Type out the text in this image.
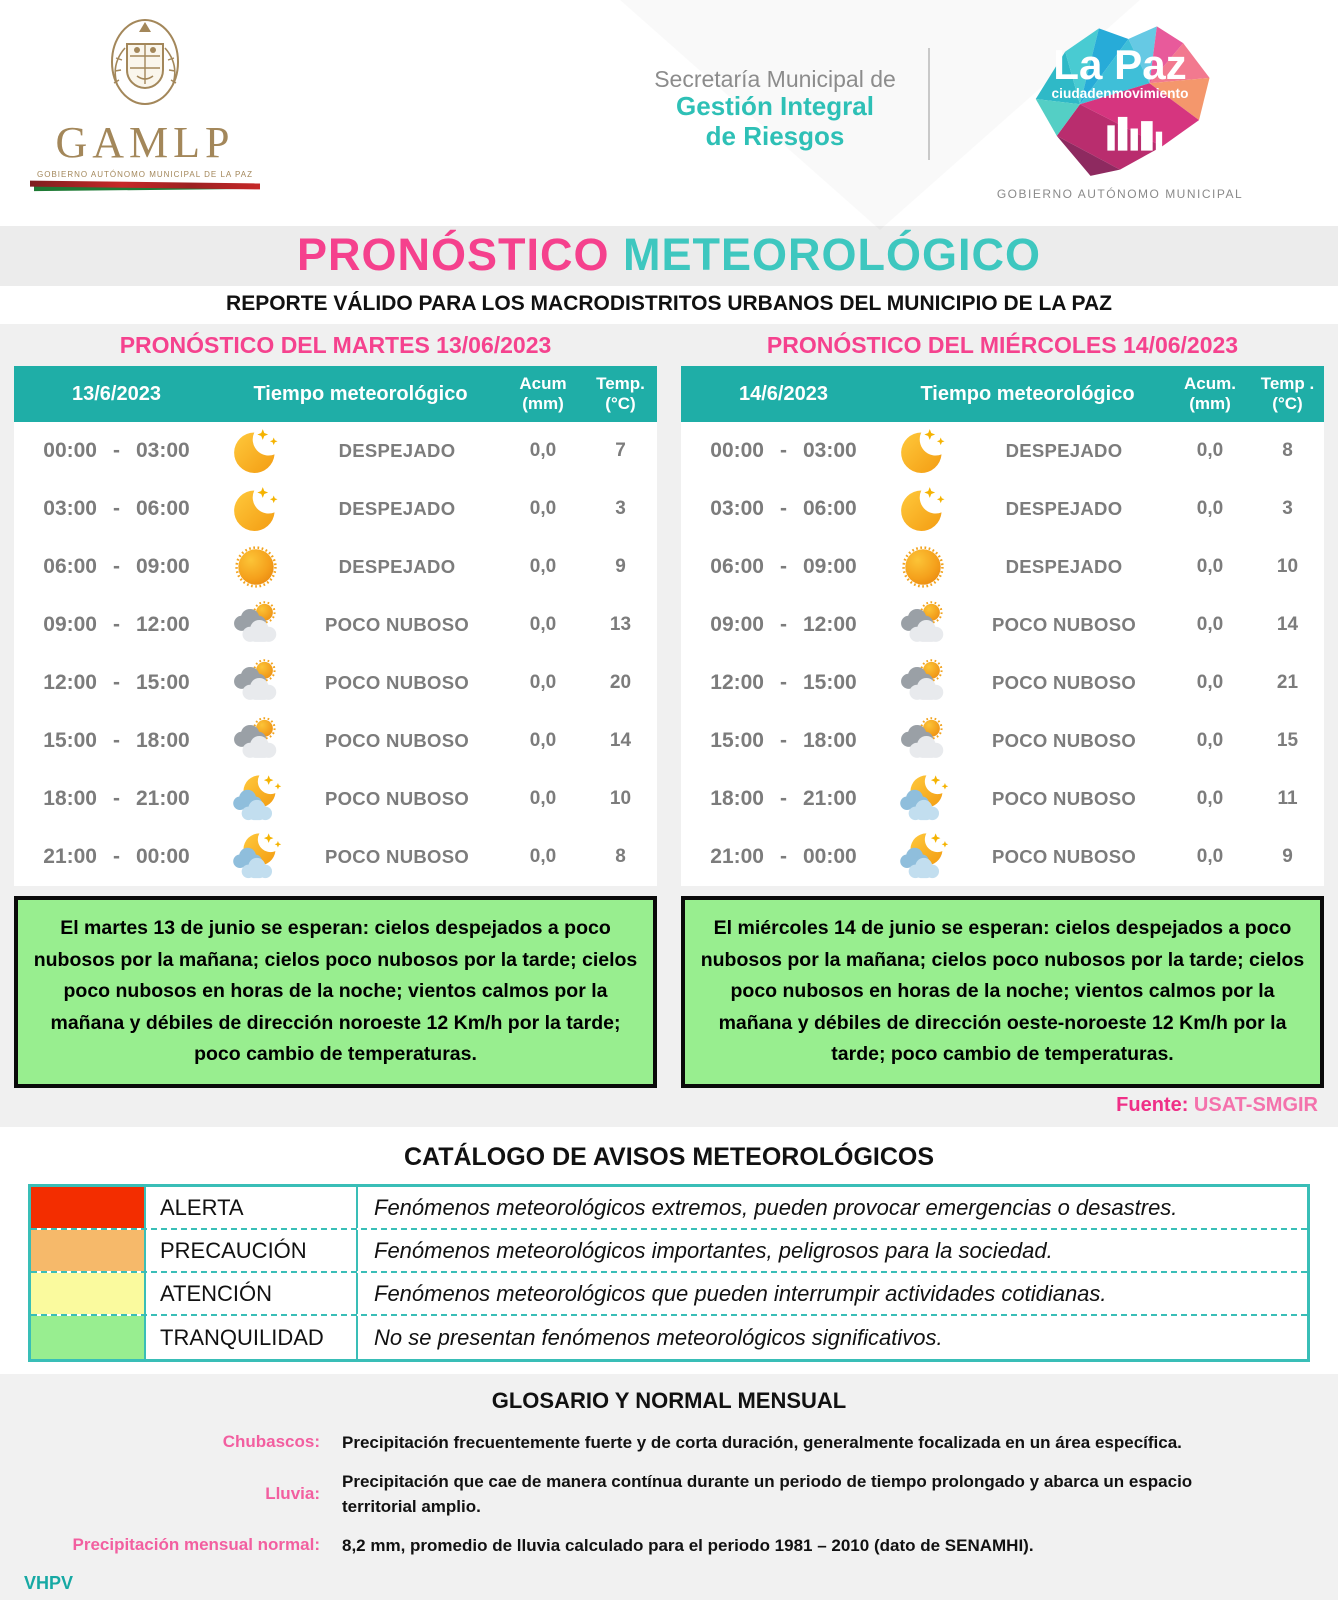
GAMLP
GOBIERNO AUTÓNOMO MUNICIPAL DE LA PAZ
Secretaría Municipal de
Gestión Integral
de Riesgos
La Paz
ciudadenmovimiento
GOBIERNO AUTÓNOMO MUNICIPAL
PRONÓSTICO METEOROLÓGICO
REPORTE VÁLIDO PARA LOS MACRODISTRITOS URBANOS DEL MUNICIPIO DE LA PAZ
PRONÓSTICO DEL MARTES 13/06/2023
13/6/2023	Tiempo meteorológico	Acum
(mm)
Temp.
(°C)
00:00 - 03:00	DESPEJADO	0,0	7
03:00 - 06:00	DESPEJADO	0,0	3
06:00 - 09:00	DESPEJADO	0,0	9
09:00 - 12:00	POCO NUBOSO	0,0	13
12:00 - 15:00	POCO NUBOSO	0,0	20
15:00 - 18:00	POCO NUBOSO	0,0	14
18:00 - 21:00	POCO NUBOSO	0,0	10
21:00 - 00:00	POCO NUBOSO	0,0	8

El martes 13 de junio se esperan: cielos despejados a poco nubosos por la mañana; cielos poco nubosos por la tarde; cielos poco nubosos en horas de la noche; vientos calmos por la mañana y débiles de dirección noroeste 12 Km/h por la tarde; poco cambio de temperaturas.

PRONÓSTICO DEL MIÉRCOLES 14/06/2023
14/6/2023	Tiempo meteorológico	Acum.
(mm)
Temp .
(°C)
00:00 - 03:00	DESPEJADO	0,0	8
03:00 - 06:00	DESPEJADO	0,0	3
06:00 - 09:00	DESPEJADO	0,0	10
09:00 - 12:00	POCO NUBOSO	0,0	14
12:00 - 15:00	POCO NUBOSO	0,0	21
15:00 - 18:00	POCO NUBOSO	0,0	15
18:00 - 21:00	POCO NUBOSO	0,0	11
21:00 - 00:00	POCO NUBOSO	0,0	9

El miércoles 14 de junio se esperan: cielos despejados a poco nubosos por la mañana; cielos poco nubosos por la tarde; cielos poco nubosos en horas de la noche; vientos calmos por la mañana y débiles de dirección oeste-noroeste 12 Km/h por la tarde; poco cambio de temperaturas.

Fuente: USAT-SMGIR
CATÁLOGO DE AVISOS METEOROLÓGICOS
ALERTA	Fenómenos meteorológicos extremos, pueden provocar emergencias o desastres.
PRECAUCIÓN	Fenómenos meteorológicos importantes, peligrosos para la sociedad.
ATENCIÓN	Fenómenos meteorológicos que pueden interrumpir actividades cotidianas.
TRANQUILIDAD	No se presentan fenómenos meteorológicos significativos.
GLOSARIO Y NORMAL MENSUAL
Chubascos: Precipitación frecuentemente fuerte y de corta duración, generalmente focalizada en un área específica.
Lluvia:
Precipitación que cae de manera contínua durante un periodo de tiempo prolongado y abarca un espacio territorial amplio.
Precipitación mensual normal: 8,2 mm, promedio de lluvia calculado para el periodo 1981 – 2010 (dato de SENAMHI).
VHPV
